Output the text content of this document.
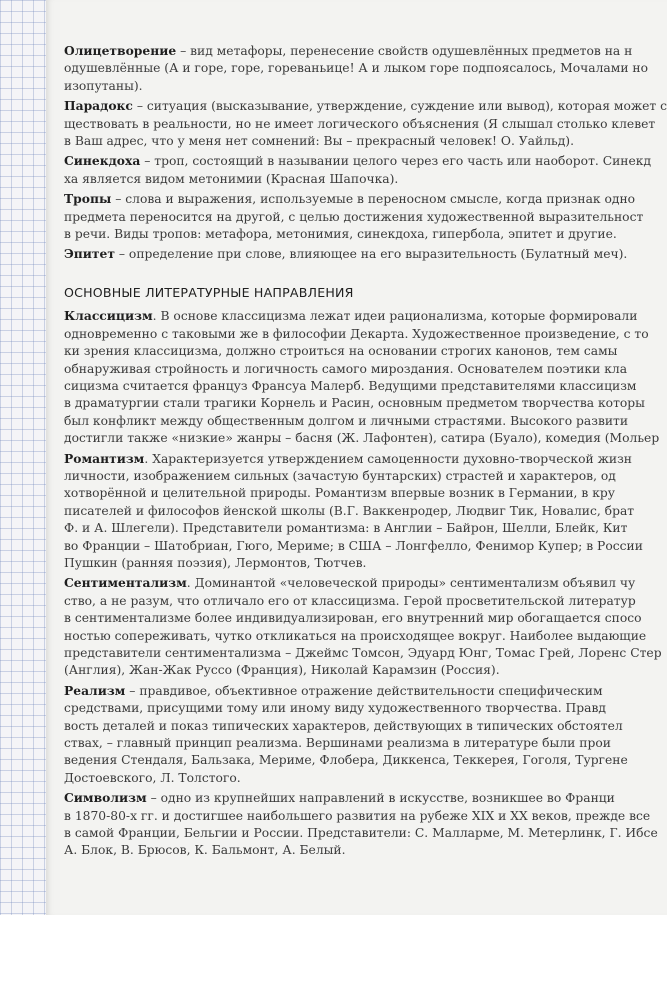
Олицетворение – вид метафоры, перенесение свойств одушевлённых предметов на н
одушевлённые (А и горе, горе, гореваньице! А и лыком горе подпоясалось, Мочалами но
изопутаны).
Парадокс – ситуация (высказывание, утверждение, суждение или вывод), которая может с
ществовать в реальности, но не имеет логического объяснения (Я слышал столько клевет
в Ваш адрес, что у меня нет сомнений: Вы – прекрасный человек! О. Уайльд).
Синекдоха – троп, состоящий в назывании целого через его часть или наоборот. Синекд
ха является видом метонимии (Красная Шапочка).
Тропы – слова и выражения, используемые в переносном смысле, когда признак одно
предмета переносится на другой, с целью достижения художественной выразительност
в речи. Виды тропов: метафора, метонимия, синекдоха, гипербола, эпитет и другие.
Эпитет – определение при слове, влияющее на его выразительность (Булатный меч).
ОСНОВНЫЕ ЛИТЕРАТУРНЫЕ НАПРАВЛЕНИЯ
Классицизм. В основе классицизма лежат идеи рационализма, которые формировали
одновременно с таковыми же в философии Декарта. Художественное произведение, с то
ки зрения классицизма, должно строиться на основании строгих канонов, тем самы
обнаруживая стройность и логичность самого мироздания. Основателем поэтики кла
сицизма считается француз Франсуа Малерб. Ведущими представителями классицизм
в драматургии стали трагики Корнель и Расин, основным предметом творчества которы
был конфликт между общественным долгом и личными страстями. Высокого развити
достигли также «низкие» жанры – басня (Ж. Лафонтен), сатира (Буало), комедия (Мольер
Романтизм. Характеризуется утверждением самоценности духовно-творческой жизн
личности, изображением сильных (зачастую бунтарских) страстей и характеров, од
хотворённой и целительной природы. Романтизм впервые возник в Германии, в кру
писателей и философов йенской школы (В.Г. Ваккенродер, Людвиг Тик, Новалис, брат
Ф. и А. Шлегели). Представители романтизма: в Англии – Байрон, Шелли, Блейк, Кит
во Франции – Шатобриан, Гюго, Мериме; в США – Лонгфелло, Фенимор Купер; в России
Пушкин (ранняя поэзия), Лермонтов, Тютчев.
Сентиментализм. Доминантой «человеческой природы» сентиментализм объявил чу
ство, а не разум, что отличало его от классицизма. Герой просветительской литератур
в сентиментализме более индивидуализирован, его внутренний мир обогащается спосо
ностью сопереживать, чутко откликаться на происходящее вокруг. Наиболее выдающие
представители сентиментализма – Джеймс Томсон, Эдуард Юнг, Томас Грей, Лоренс Стер
(Англия), Жан-Жак Руссо (Франция), Николай Карамзин (Россия).
Реализм – правдивое, объективное отражение действительности специфическим
средствами, присущими тому или иному виду художественного творчества. Правд
вость деталей и показ типических характеров, действующих в типических обстоятел
ствах, – главный принцип реализма. Вершинами реализма в литературе были прои
ведения Стендаля, Бальзака, Мериме, Флобера, Диккенса, Теккерея, Гоголя, Тургене
Достоевского, Л. Толстого.
Символизм – одно из крупнейших направлений в искусстве, возникшее во Франци
в 1870-80-х гг. и достигшее наибольшего развития на рубеже XIX и XX веков, прежде все
в самой Франции, Бельгии и России. Представители: С. Малларме, М. Метерлинк, Г. Ибсе
А. Блок, В. Брюсов, К. Бальмонт, А. Белый.
